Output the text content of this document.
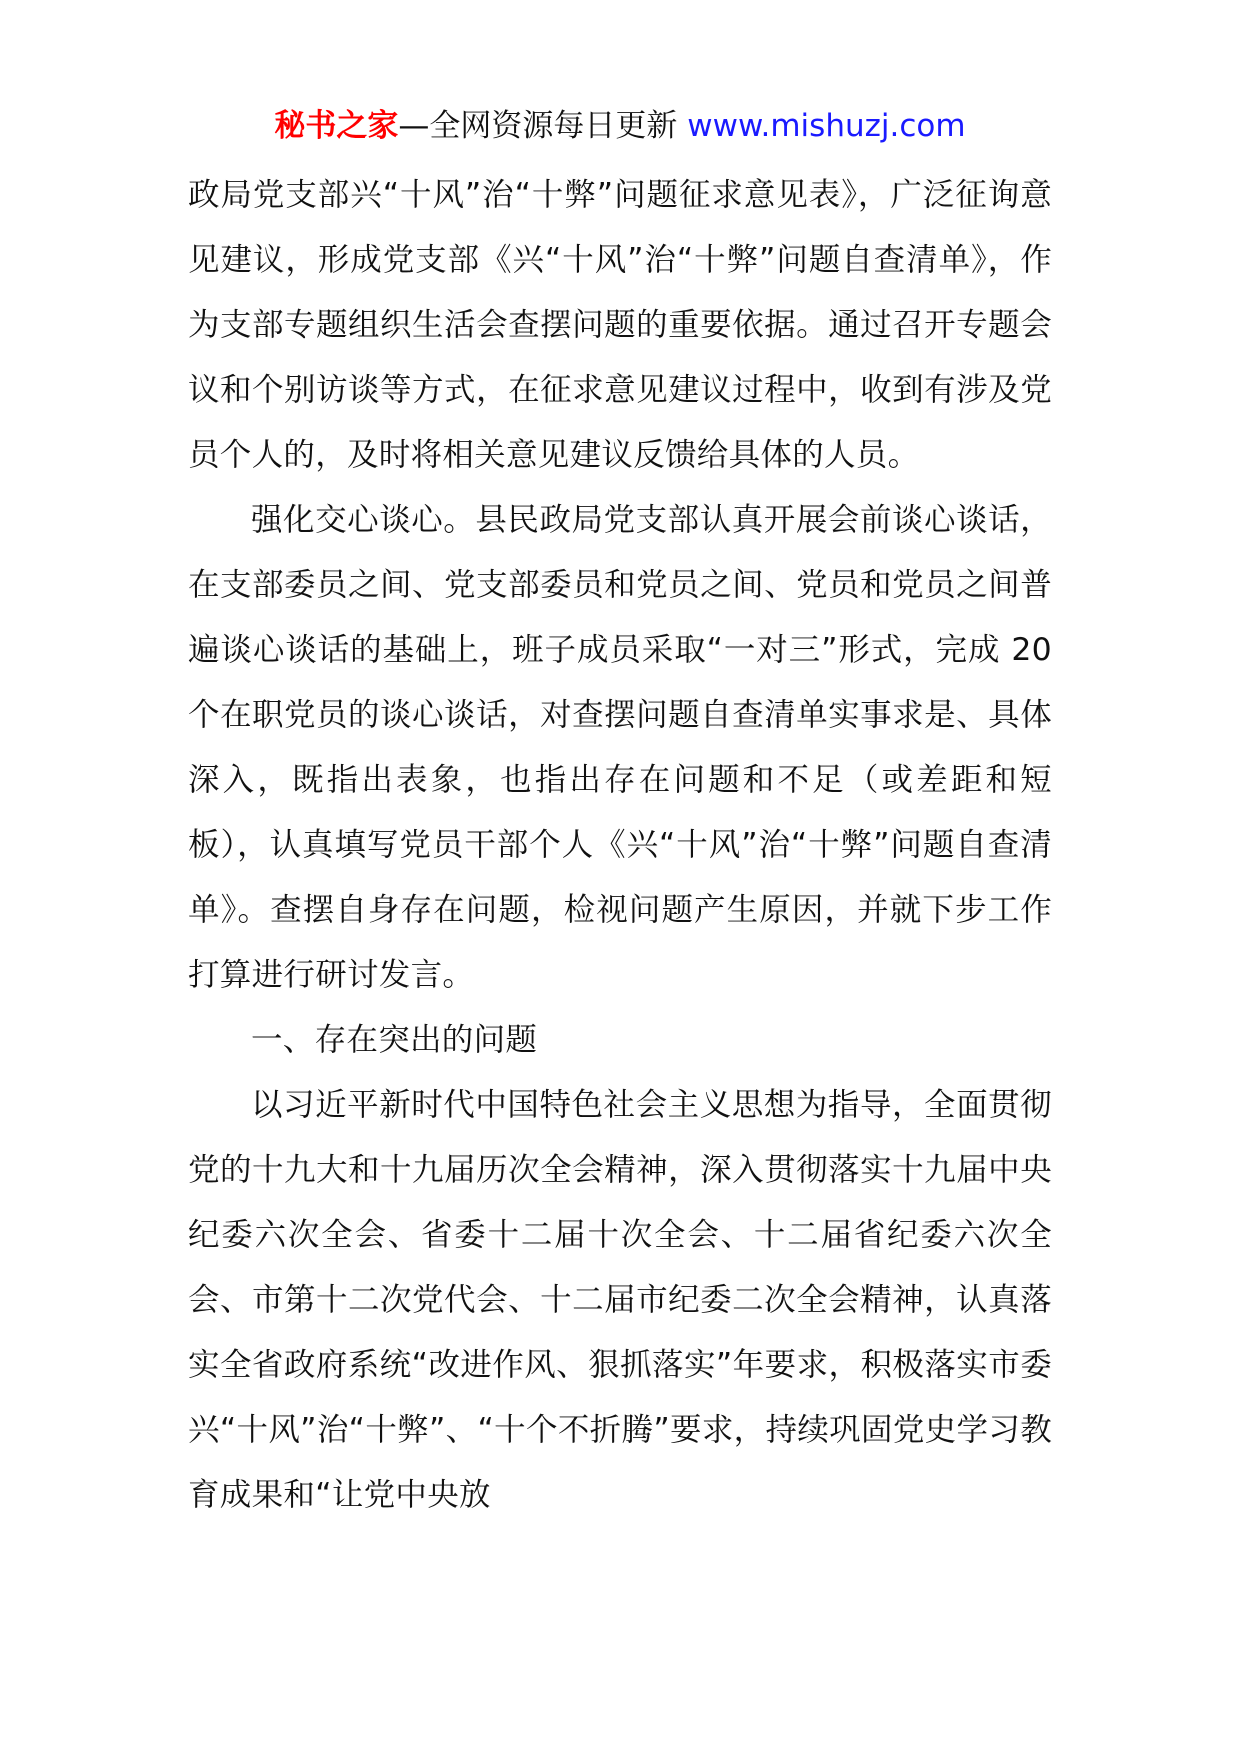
秘书之家—全网资源每日更新 www.mishuzj.com

政局党支部兴“十风”治“十弊”问题征求意见表》，广泛征询意见建议，形成党支部《兴“十风”治“十弊”问题自查清单》，作为支部专题组织生活会查摆问题的重要依据。通过召开专题会议和个别访谈等方式，在征求意见建议过程中，收到有涉及党员个人的，及时将相关意见建议反馈给具体的人员。

强化交心谈心。县民政局党支部认真开展会前谈心谈话，在支部委员之间、党支部委员和党员之间、党员和党员之间普遍谈心谈话的基础上，班子成员采取“一对三”形式，完成 20 个在职党员的谈心谈话，对查摆问题自查清单实事求是、具体深入，既指出表象，也指出存在问题和不足（或差距和短板），认真填写党员干部个人《兴“十风”治“十弊”问题自查清单》。查摆自身存在问题，检视问题产生原因，并就下步工作打算进行研讨发言。

一、存在突出的问题

以习近平新时代中国特色社会主义思想为指导，全面贯彻党的十九大和十九届历次全会精神，深入贯彻落实十九届中央纪委六次全会、省委十二届十次全会、十二届省纪委六次全会、市第十二次党代会、十二届市纪委二次全会精神，认真落实全省政府系统“改进作风、狠抓落实”年要求，积极落实市委兴“十风”治“十弊”、“十个不折腾”要求，持续巩固党史学习教育成果和“让党中央放
